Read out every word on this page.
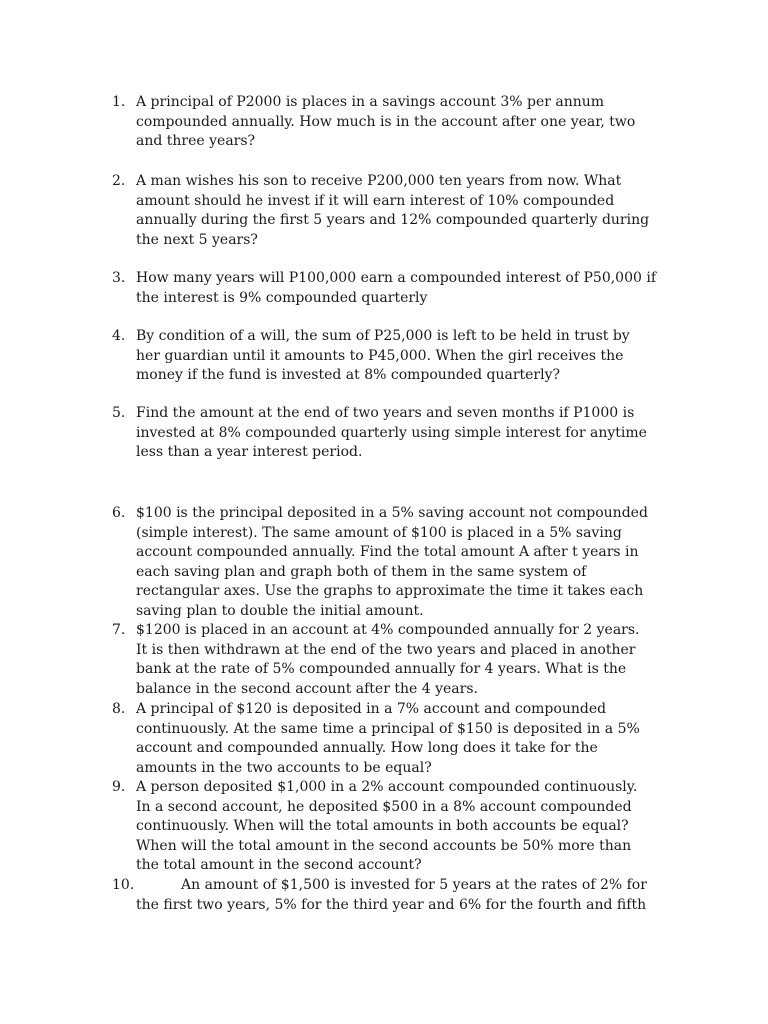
1. A principal of P2000 is places in a savings account 3% per annum
compounded annually. How much is in the account after one year, two
and three years?
2. A man wishes his son to receive P200,000 ten years from now. What
amount should he invest if it will earn interest of 10% compounded
annually during the first 5 years and 12% compounded quarterly during
the next 5 years?
3. How many years will P100,000 earn a compounded interest of P50,000 if
the interest is 9% compounded quarterly
4. By condition of a will, the sum of P25,000 is left to be held in trust by
her guardian until it amounts to P45,000. When the girl receives the
money if the fund is invested at 8% compounded quarterly?
5. Find the amount at the end of two years and seven months if P1000 is
invested at 8% compounded quarterly using simple interest for anytime
less than a year interest period.
6. $100 is the principal deposited in a 5% saving account not compounded
(simple interest). The same amount of $100 is placed in a 5% saving
account compounded annually. Find the total amount A after t years in
each saving plan and graph both of them in the same system of
rectangular axes. Use the graphs to approximate the time it takes each
saving plan to double the initial amount.
7. $1200 is placed in an account at 4% compounded annually for 2 years.
It is then withdrawn at the end of the two years and placed in another
bank at the rate of 5% compounded annually for 4 years. What is the
balance in the second account after the 4 years.
8. A principal of $120 is deposited in a 7% account and compounded
continuously. At the same time a principal of $150 is deposited in a 5%
account and compounded annually. How long does it take for the
amounts in the two accounts to be equal?
9. A person deposited $1,000 in a 2% account compounded continuously.
In a second account, he deposited $500 in a 8% account compounded
continuously. When will the total amounts in both accounts be equal?
When will the total amount in the second accounts be 50% more than
the total amount in the second account?
10.	An amount of $1,500 is invested for 5 years at the rates of 2% for
the first two years, 5% for the third year and 6% for the fourth and fifth
